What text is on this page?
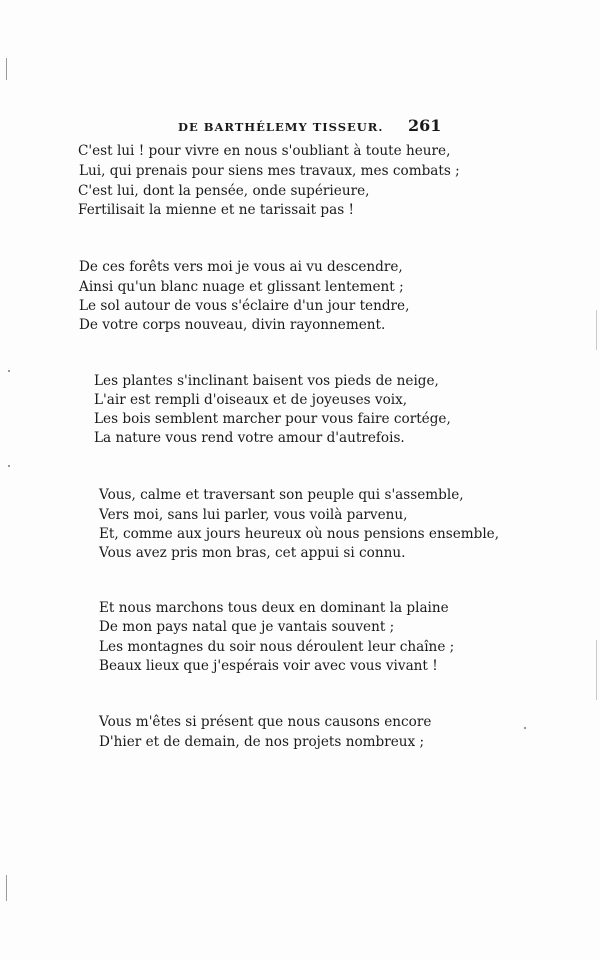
DE BARTHÉLEMY TISSEUR. 261
C'est lui ! pour vivre en nous s'oubliant à toute heure,
Lui, qui prenais pour siens mes travaux, mes combats ;
C'est lui, dont la pensée, onde supérieure,
Fertilisait la mienne et ne tarissait pas !
De ces forêts vers moi je vous ai vu descendre,
Ainsi qu'un blanc nuage et glissant lentement ;
Le sol autour de vous s'éclaire d'un jour tendre,
De votre corps nouveau, divin rayonnement.
Les plantes s'inclinant baisent vos pieds de neige,
L'air est rempli d'oiseaux et de joyeuses voix,
Les bois semblent marcher pour vous faire cortége,
La nature vous rend votre amour d'autrefois.
Vous, calme et traversant son peuple qui s'assemble,
Vers moi, sans lui parler, vous voilà parvenu,
Et, comme aux jours heureux où nous pensions ensemble,
Vous avez pris mon bras, cet appui si connu.
Et nous marchons tous deux en dominant la plaine
De mon pays natal que je vantais souvent ;
Les montagnes du soir nous déroulent leur chaîne ;
Beaux lieux que j'espérais voir avec vous vivant !
Vous m'êtes si présent que nous causons encore
D'hier et de demain, de nos projets nombreux ;
